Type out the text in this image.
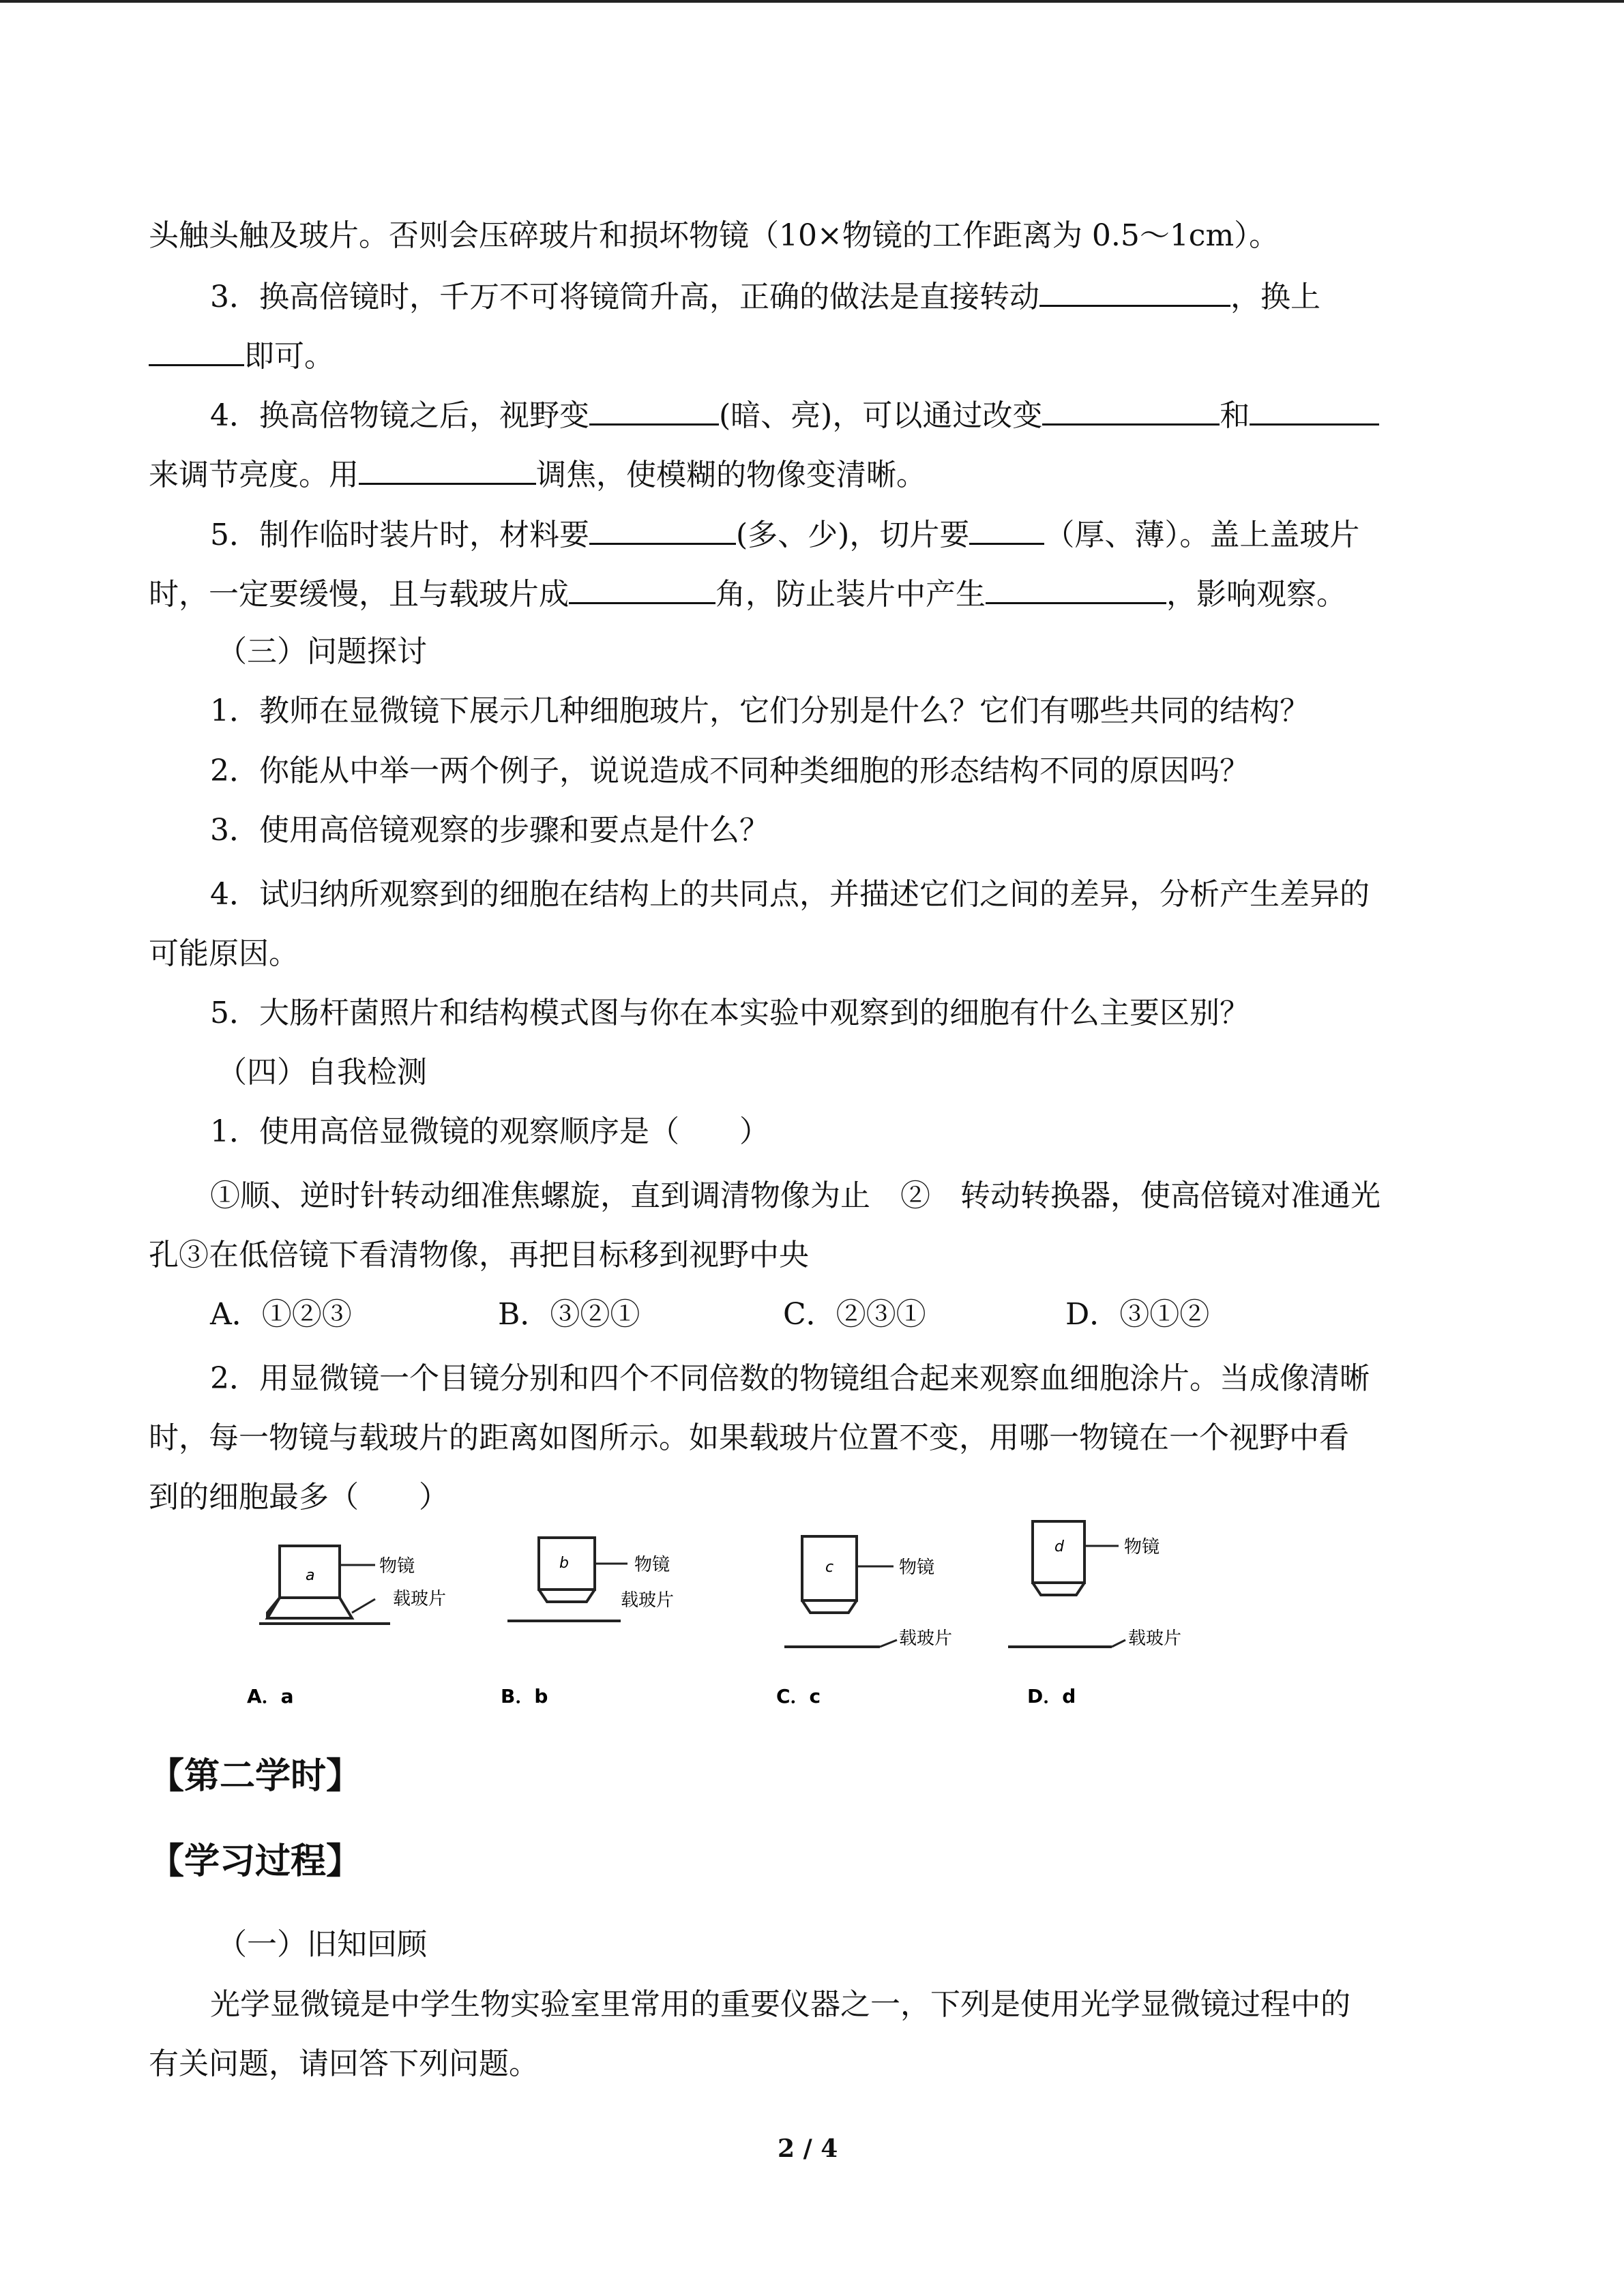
头触头触及玻片。否则会压碎玻片和损坏物镜（10×物镜的工作距离为 0.5～1cm）。
3．换高倍镜时，千万不可将镜筒升高，正确的做法是直接转动	，换上
即可。
4．换高倍物镜之后，视野变	(暗、亮)，可以通过改变	和
来调节亮度。用	调焦，使模糊的物像变清晰。
5．制作临时装片时，材料要	(多、少)，切片要	（厚、薄）。盖上盖玻片
时，一定要缓慢，且与载玻片成	角，防止装片中产生	，影响观察。
（三）问题探讨
1．教师在显微镜下展示几种细胞玻片，它们分别是什么？它们有哪些共同的结构？
2．你能从中举一两个例子，说说造成不同种类细胞的形态结构不同的原因吗？
3．使用高倍镜观察的步骤和要点是什么？
4．试归纳所观察到的细胞在结构上的共同点，并描述它们之间的差异，分析产生差异的
可能原因。
5．大肠杆菌照片和结构模式图与你在本实验中观察到的细胞有什么主要区别？
（四）自我检测
1．使用高倍显微镜的观察顺序是（　　）
①顺、逆时针转动细准焦螺旋，直到调清物像为止　②　转动转换器，使高倍镜对准通光
孔③在低倍镜下看清物像，再把目标移到视野中央
A．①②③	B．③②①	C．②③①	D．③①②
2．用显微镜一个目镜分别和四个不同倍数的物镜组合起来观察血细胞涂片。当成像清晰
时，每一物镜与载玻片的距离如图所示。如果载玻片位置不变，用哪一物镜在一个视野中看
到的细胞最多（　　）
a	物镜
载玻片
A．a
b	物镜
载玻片
B．b
c	物镜
载玻片
C．c
d	物镜
载玻片
D．d
【第二学时】
【学习过程】
（一）旧知回顾
光学显微镜是中学生物实验室里常用的重要仪器之一，下列是使用光学显微镜过程中的
有关问题，请回答下列问题。
2 / 4
